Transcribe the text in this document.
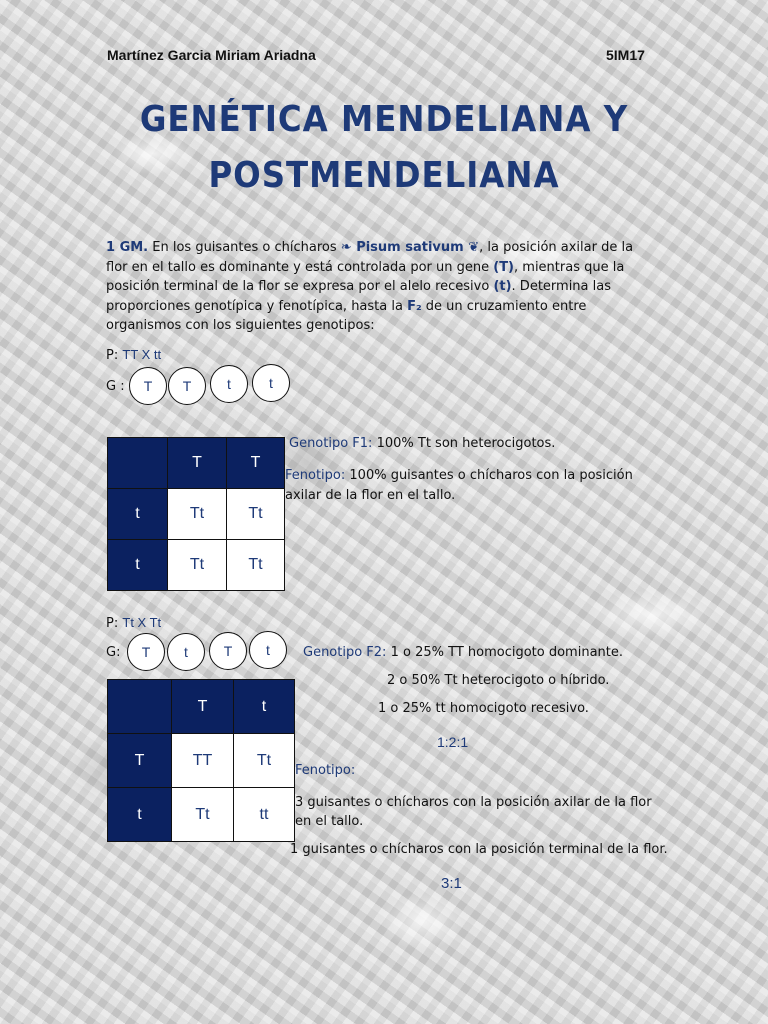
Martínez Garcia Miriam Ariadna	5IM17
GENÉTICA MENDELIANA Y
POSTMENDELIANA
1 GM. En los guisantes o chícharos ❧ Pisum sativum ❦, la posición axilar de la flor en el tallo es dominante y está controlada por un gene (T), mientras que la posición terminal de la flor se expresa por el alelo recesivo (t). Determina las proporciones genotípica y fenotípica, hasta la F₂ de un cruzamiento entre organismos con los siguientes genotipos:
P: TT X tt
G :	T	T	t	t
	T	T
t	Tt	Tt
t	Tt	Tt
Genotipo F1: 100% Tt son heterocigotos.
Fenotipo: 100% guisantes o chícharos con la posición axilar de la flor en el tallo.
P: Tt X Tt
G:	T	t	T	t
	T	t
T	TT	Tt
t	Tt	tt
Genotipo F2: 1 o 25% TT homocigoto dominante.
2 o 50% Tt heterocigoto o híbrido.
1 o 25% tt homocigoto recesivo.
1:2:1
Fenotipo:
3 guisantes o chícharos con la posición axilar de la flor en el tallo.
1 guisantes o chícharos con la posición terminal de la flor.
3:1
